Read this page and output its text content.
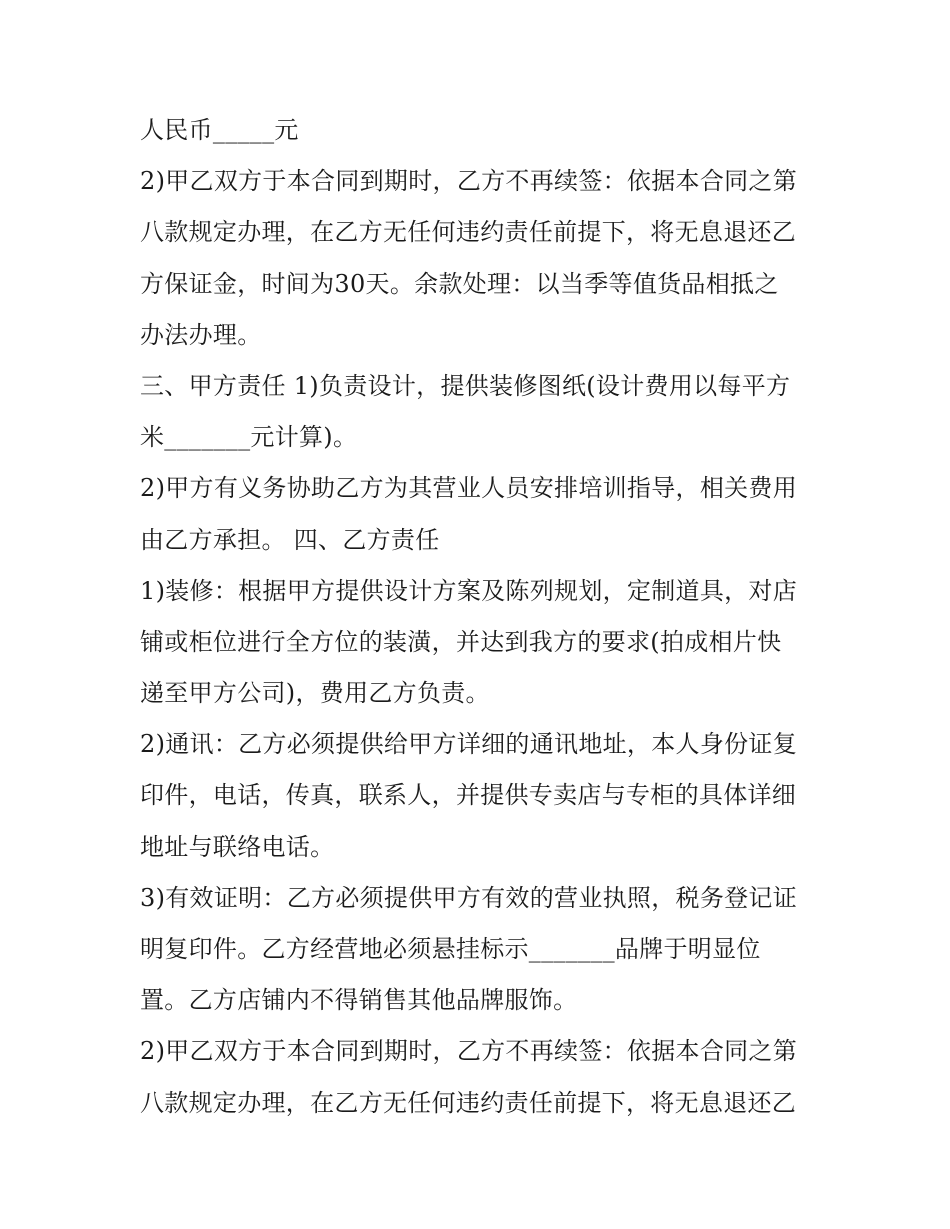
人民币_____元
2)甲乙双方于本合同到期时，乙方不再续签：依据本合同之第
八款规定办理，在乙方无任何违约责任前提下，将无息退还乙
方保证金，时间为30天。余款处理：以当季等值货品相抵之
办法办理。
三、甲方责任 1)负责设计，提供装修图纸(设计费用以每平方
米_______元计算)。
2)甲方有义务协助乙方为其营业人员安排培训指导，相关费用
由乙方承担。 四、乙方责任
1)装修：根据甲方提供设计方案及陈列规划，定制道具，对店
铺或柜位进行全方位的装潢，并达到我方的要求(拍成相片快
递至甲方公司)，费用乙方负责。
2)通讯：乙方必须提供给甲方详细的通讯地址，本人身份证复
印件，电话，传真，联系人，并提供专卖店与专柜的具体详细
地址与联络电话。
3)有效证明：乙方必须提供甲方有效的营业执照，税务登记证
明复印件。乙方经营地必须悬挂标示_______品牌于明显位
置。乙方店铺内不得销售其他品牌服饰。
2)甲乙双方于本合同到期时，乙方不再续签：依据本合同之第
八款规定办理，在乙方无任何违约责任前提下，将无息退还乙
